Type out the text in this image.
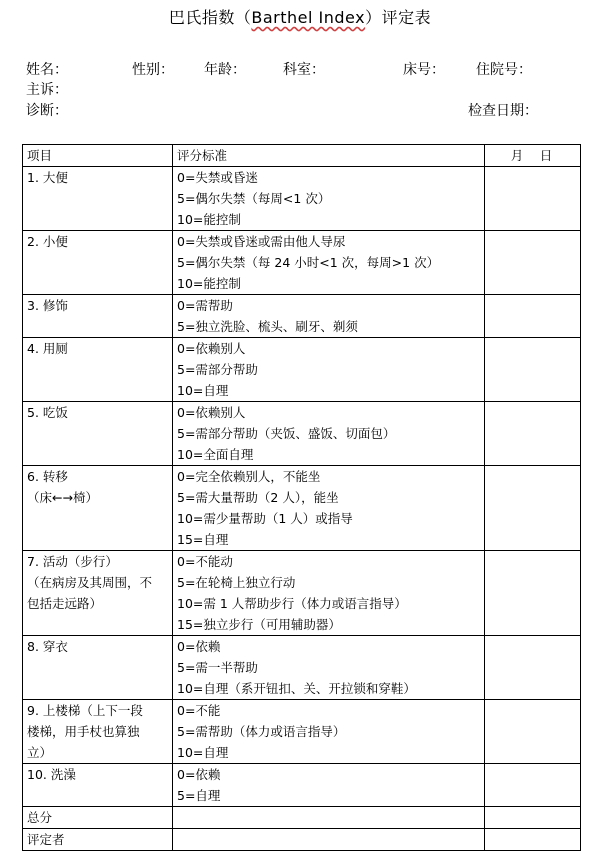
巴氏指数（Barthel Index）评定表
姓名：	性别： 年龄：	科室：	床号： 住院号：
主诉：
诊断：	检查日期：
项目	评分标准	月　日

1. 大便	0=失禁或昏迷
5=偶尔失禁（每周<1 次）
10=能控制	

2. 小便	0=失禁或昏迷或需由他人导尿
5=偶尔失禁（每 24 小时<1 次，每周>1 次）
10=能控制	

3. 修饰	0=需帮助
5=独立洗脸、梳头、刷牙、剃须	

4. 用厕	0=依赖别人
5=需部分帮助
10=自理	

5. 吃饭	0=依赖别人
5=需部分帮助（夹饭、盛饭、切面包）
10=全面自理	

6. 转移
（床←→椅）	0=完全依赖别人，不能坐
5=需大量帮助（2 人），能坐
10=需少量帮助（1 人）或指导
15=自理	

7. 活动（步行）
（在病房及其周围，不
包括走远路）	0=不能动
5=在轮椅上独立行动
10=需 1 人帮助步行（体力或语言指导）
15=独立步行（可用辅助器）	

8. 穿衣	0=依赖
5=需一半帮助
10=自理（系开钮扣、关、开拉锁和穿鞋）	

9. 上楼梯（上下一段
楼梯，用手杖也算独
立）	0=不能
5=需帮助（体力或语言指导）
10=自理	

10. 洗澡	0=依赖
5=自理	

总分		
评定者		
